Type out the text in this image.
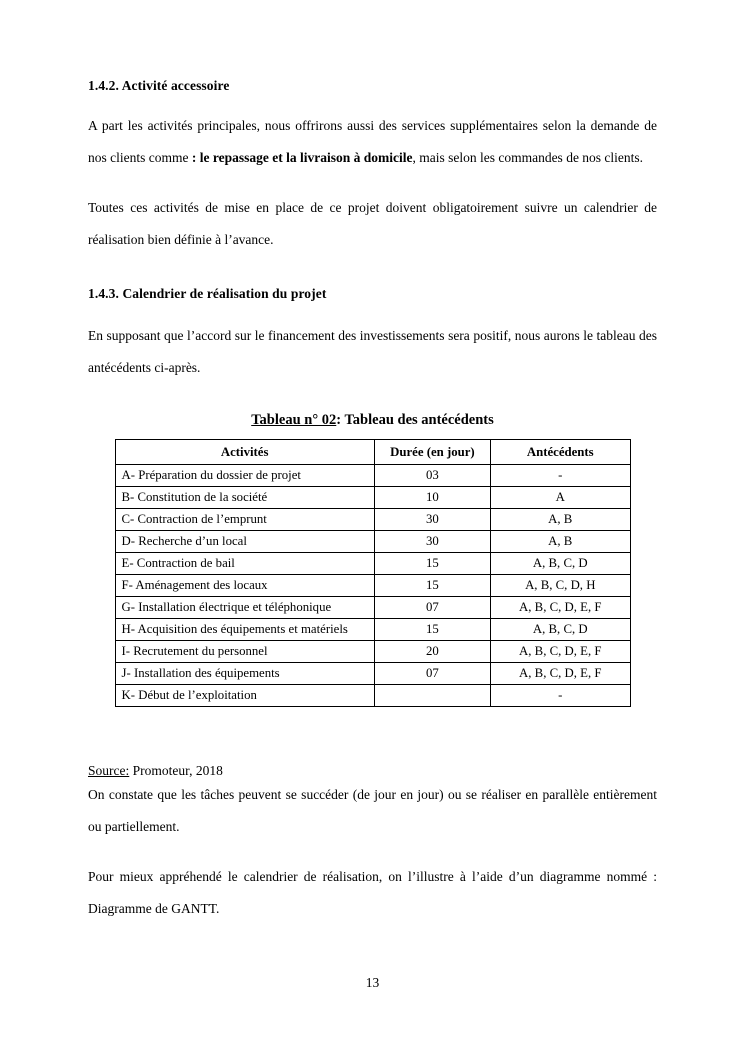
1.4.2. Activité accessoire

A part les activités principales, nous offrirons aussi des services supplémentaires selon la demande de nos clients comme : le repassage et la livraison à domicile, mais selon les commandes de nos clients.

Toutes ces activités de mise en place de ce projet doivent obligatoirement suivre un calendrier de réalisation bien définie à l’avance.

1.4.3. Calendrier de réalisation du projet

En supposant que l’accord sur le financement des investissements sera positif, nous aurons le tableau des antécédents ci-après.

Tableau n° 02: Tableau des antécédents
Activités	Durée (en jour)	Antécédents
A- Préparation du dossier de projet	03	-
B- Constitution de la société	10	A
C- Contraction de l’emprunt	30	A, B
D- Recherche d’un local	30	A, B
E- Contraction de bail	15	A, B, C, D
F- Aménagement des locaux	15	A, B, C, D, H
G- Installation électrique et téléphonique	07	A, B, C, D, E, F
H- Acquisition des équipements et matériels	15	A, B, C, D
I- Recrutement du personnel	20	A, B, C, D, E, F
J- Installation des équipements	07	A, B, C, D, E, F
K- Début de l’exploitation		-

Source: Promoteur, 2018

On constate que les tâches peuvent se succéder (de jour en jour) ou se réaliser en parallèle entièrement ou partiellement.

Pour mieux appréhendé le calendrier de réalisation, on l’illustre à l’aide d’un diagramme nommé : Diagramme de GANTT.

13
